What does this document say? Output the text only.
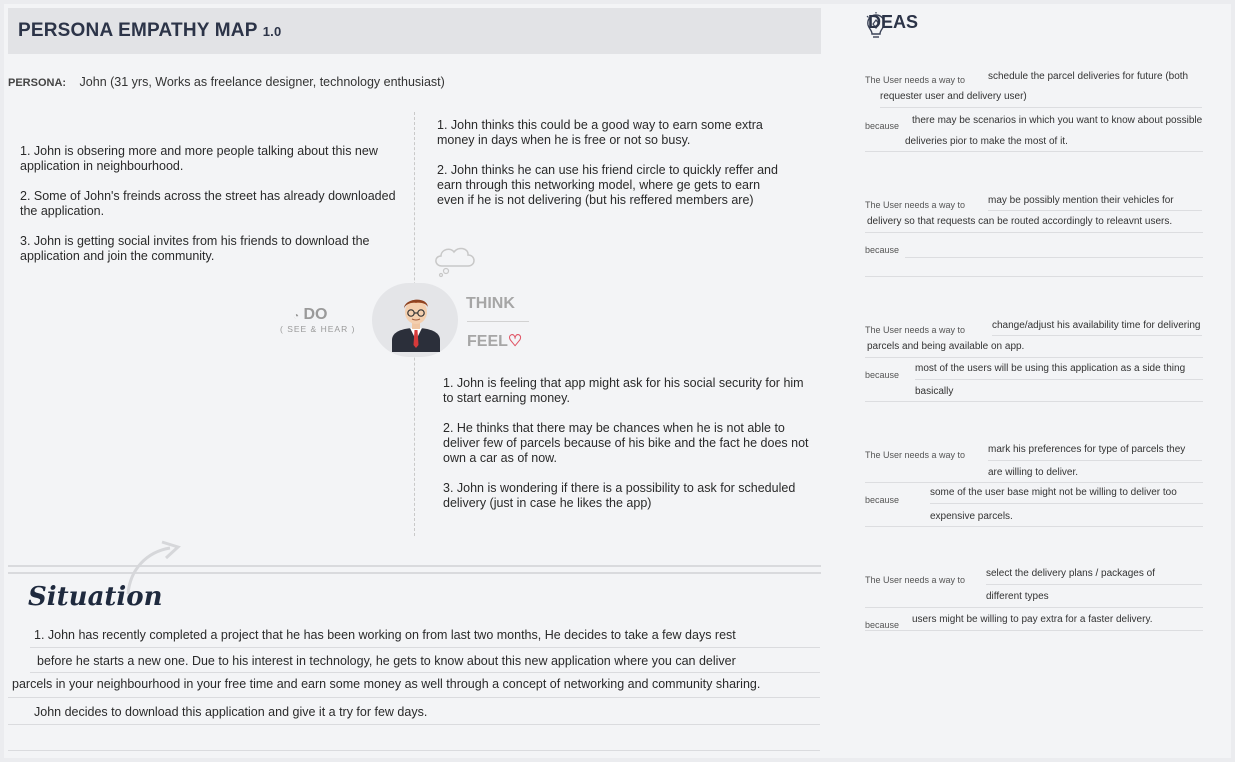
PERSONA EMPATHY MAP 1.0
PERSONA: John (31 yrs, Works as freelance designer, technology enthusiast)

1. John is obsering more and more people talking about this new application in neighbourhood.

2. Some of John's freinds across the street has already downloaded the application.

3. John is getting social invites from his friends to download the application and join the community.

1. John thinks this could be a good way to earn some extra money in days when he is free or not so busy.

2. John thinks he can use his friend circle to quickly reffer and earn through this networking model, where ge gets to earn even if he is not delivering (but his reffered members are)

1. John is feeling that app might ask for his social security for him to start earning money.

2. He thinks that there may be chances when he is not able to deliver few of parcels because of his bike and the fact he does not own a car as of now.

3. John is wondering if there is a possibility to ask for scheduled delivery (just in case he likes the app)

◔ DO
( SEE & HEAR )
THINK
FEEL♡
Situation
1. John has recently completed a project that he has been working on from last two months, He decides to take a few days rest
before he starts a new one. Due to his interest in technology, he gets to know about this new application where you can deliver
parcels in your neighbourhood in your free time and earn some money as well through a concept of networking and community sharing.
John decides to download this application and give it a try for few days.
DEAS
The User needs a way to schedule the parcel deliveries for future (both
requester user and delivery user)
because there may be scenarios in which you want to know about possible
deliveries pior to make the most of it.
The User needs a way to may be possibly mention their vehicles for
delivery so that requests can be routed accordingly to releavnt users.
because
The User needs a way to	change/adjust his availability time for delivering
parcels and being available on app.
because
most of the users will be using this application as a side thing
basically
The User needs a way to mark his preferences for type of parcels they
are willing to deliver.
because
some of the user base might not be willing to deliver too
expensive parcels.
The User needs a way to
select the delivery plans / packages of
different types
because users might be willing to pay extra for a faster delivery.
